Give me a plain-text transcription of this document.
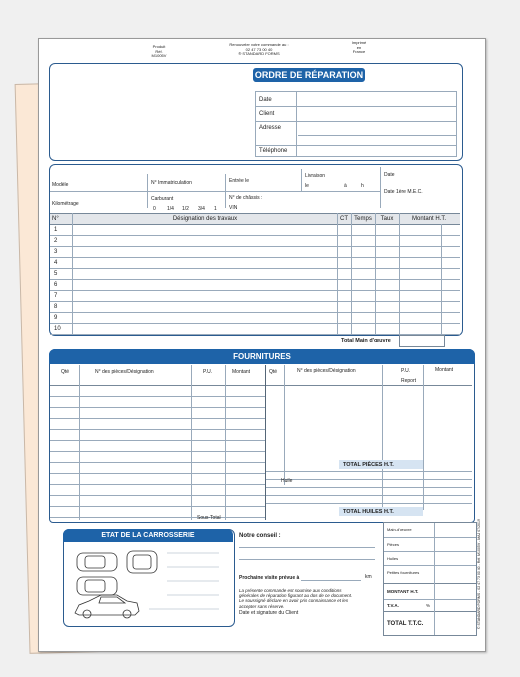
Produit
Réf.
M1005V
Renouveler votre commande au :
02 47 73 00 40
® STANDARD FORMS
Imprimé
en
France
ORDRE DE RÉPARATION
Date
Client
Adresse
Téléphone
Modèle	N° Immatriculation	Entrée le
Livraison
le	à	h
Date
Date 1ère M.E.C.
Kilométrage
Carburant
0 1/4 1/2 3/4 1
N° de châssis :
VIN
N°	Désignation des travaux	CT	Temps	Taux	Montant H.T.
1
2
3
4
5
6
7
8
9
10
Total Main d'œuvre
FOURNITURES
Qté	N° des pièces/Désignation	P.U.	Montant	Qté	N° des pièces/Désignation	P.U.	Montant
Report
TOTAL PIÈCES H.T.
Huile
TOTAL HUILES H.T.
Sous-Total
ETAT DE LA CARROSSERIE	Notre conseil :
Prochaine visite prévue à	km
La présente commande est soumise aux conditions
générales de réparation figurant au dos de ce document.
Le soussigné déclare en avoir pris connaissance et les
accepter sans réserve.
Date et signature du Client
Main-d'œuvre
Pièces
Huiles
Petites fournitures
MONTANT H.T.
T.V.A.	%
TOTAL T.T.C.	© STANDARD FORMS - 02 47 73 00 40 - Réf. M1005V - MAJ 07/2019
